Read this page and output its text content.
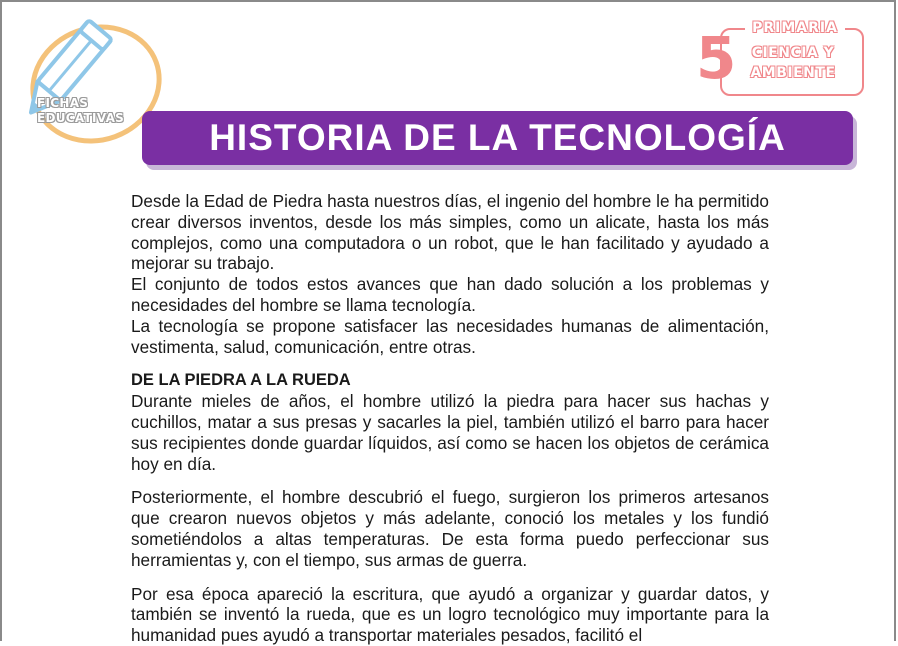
FICHAS
EDUCATIVAS
5	PRIMARIA
CIENCIA Y
AMBIENTE
HISTORIA DE LA TECNOLOGÍA

Desde la Edad de Piedra hasta nuestros días, el ingenio del hombre le ha permitido crear diversos inventos, desde los más simples, como un alicate, hasta los más complejos, como una computadora o un robot, que le han facilitado y ayudado a mejorar su trabajo.

El conjunto de todos estos avances que han dado solución a los problemas y necesidades del hombre se llama tecnología.

La tecnología se propone satisfacer las necesidades humanas de alimentación, vestimenta, salud, comunicación, entre otras.

DE LA PIEDRA A LA RUEDA

Durante mieles de años, el hombre utilizó la piedra para hacer sus hachas y cuchillos, matar a sus presas y sacarles la piel, también utilizó el barro para hacer sus recipientes donde guardar líquidos, así como se hacen los objetos de cerámica hoy en día.

Posteriormente, el hombre descubrió el fuego, surgieron los primeros artesanos que crearon nuevos objetos y más adelante, conoció los metales y los fundió sometiéndolos a altas temperaturas. De esta forma puedo perfeccionar sus herramientas y, con el tiempo, sus armas de guerra.

Por esa época apareció la escritura, que ayudó a organizar y guardar datos, y también se inventó la rueda, que es un logro tecnológico muy importante para la humanidad pues ayudó a transportar materiales pesados, facilitó el
